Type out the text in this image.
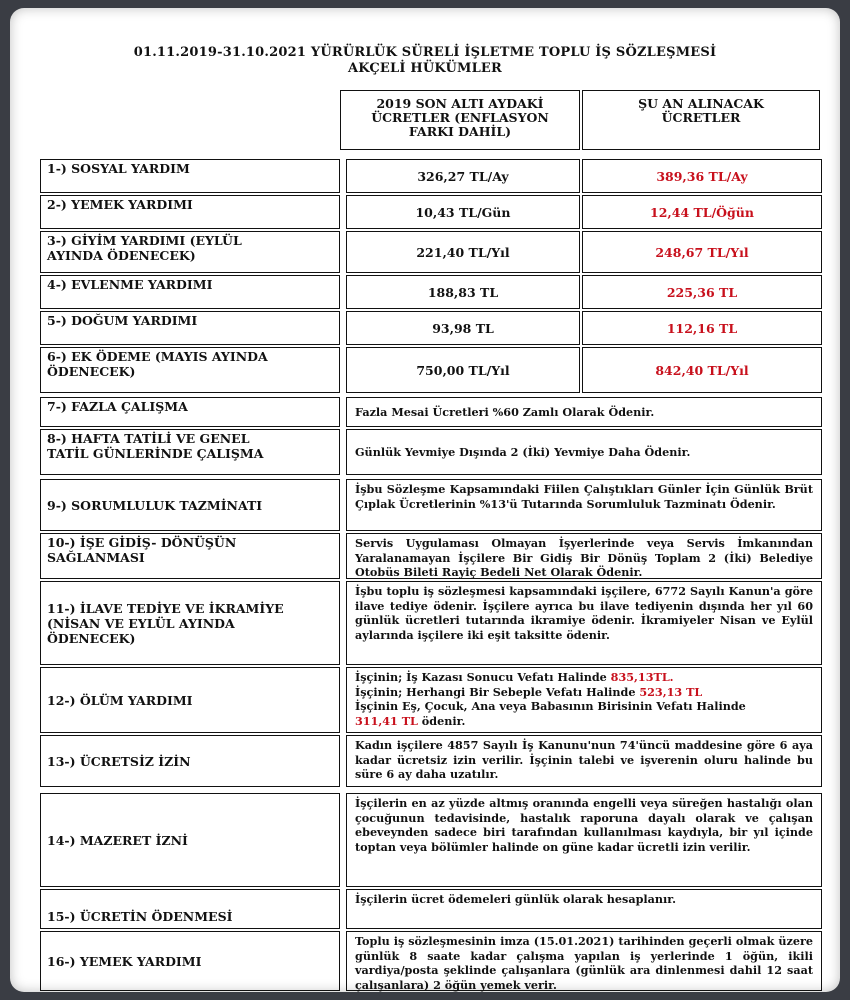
01.11.2019-31.10.2021 YÜRÜRLÜK SÜRELİ İŞLETME TOPLU İŞ SÖZLEŞMESİ
AKÇELİ HÜKÜMLER
2019 SON ALTI AYDAKİ
ÜCRETLER (ENFLASYON
FARKI DAHİL)
ŞU AN ALINACAK
ÜCRETLER
1-) SOSYAL YARDIM	326,27 TL/Ay	389,36 TL/Ay
2-) YEMEK YARDIMI	10,43 TL/Gün	12,44 TL/Öğün
3-) GİYİM YARDIMI (EYLÜL
AYINDA ÖDENECEK)	221,40 TL/Yıl	248,67 TL/Yıl
4-) EVLENME YARDIMI	188,83 TL	225,36 TL
5-) DOĞUM YARDIMI	93,98 TL	112,16 TL
6-) EK ÖDEME (MAYIS AYINDA
ÖDENECEK)	750,00 TL/Yıl	842,40 TL/Yıl
7-) FAZLA ÇALIŞMA	Fazla Mesai Ücretleri %60 Zamlı Olarak Ödenir.
8-) HAFTA TATİLİ VE GENEL
TATİL GÜNLERİNDE ÇALIŞMA	Günlük Yevmiye Dışında 2 (İki) Yevmiye Daha Ödenir.
9-) SORUMLULUK TAZMİNATI
İşbu Sözleşme Kapsamındaki Fiilen Çalıştıkları Günler İçin Günlük Brüt Çıplak Ücretlerinin %13'ü Tutarında Sorumluluk Tazminatı Ödenir.
10-) İŞE GİDİŞ- DÖNÜŞÜN
SAĞLANMASI
Servis Uygulaması Olmayan İşyerlerinde veya Servis İmkanından Yaralanamayan İşçilere Bir Gidiş Bir Dönüş Toplam 2 (İki) Belediye Otobüs Bileti Rayiç Bedeli Net Olarak Ödenir.
11-) İLAVE TEDİYE VE İKRAMİYE
(NİSAN VE EYLÜL AYINDA
ÖDENECEK)
İşbu toplu iş sözleşmesi kapsamındaki işçilere, 6772 Sayılı Kanun'a göre ilave tediye ödenir. İşçilere ayrıca bu ilave tediyenin dışında her yıl 60 günlük ücretleri tutarında ikramiye ödenir. İkramiyeler Nisan ve Eylül aylarında işçilere iki eşit taksitte ödenir.
12-) ÖLÜM YARDIMI
İşçinin; İş Kazası Sonucu Vefatı Halinde 835,13TL.
İşçinin; Herhangi Bir Sebeple Vefatı Halinde 523,13 TL
İşçinin Eş, Çocuk, Ana veya Babasının Birisinin Vefatı Halinde
311,41 TL ödenir.
13-) ÜCRETSİZ İZİN
Kadın işçilere 4857 Sayılı İş Kanunu'nun 74'üncü maddesine göre 6 aya kadar ücretsiz izin verilir. İşçinin talebi ve işverenin oluru halinde bu süre 6 ay daha uzatılır.
14-) MAZERET İZNİ
İşçilerin en az yüzde altmış oranında engelli veya süreğen hastalığı olan çocuğunun tedavisinde, hastalık raporuna dayalı olarak ve çalışan ebeveynden sadece biri tarafından kullanılması kaydıyla, bir yıl içinde toptan veya bölümler halinde on güne kadar ücretli izin verilir.
15-) ÜCRETİN ÖDENMESİ
İşçilerin ücret ödemeleri günlük olarak hesaplanır.
16-) YEMEK YARDIMI
Toplu iş sözleşmesinin imza (15.01.2021) tarihinden geçerli olmak üzere günlük 8 saate kadar çalışma yapılan iş yerlerinde 1 öğün, ikili vardiya/posta şeklinde çalışanlara (günlük ara dinlenmesi dahil 12 saat çalışanlara) 2 öğün yemek verir.
